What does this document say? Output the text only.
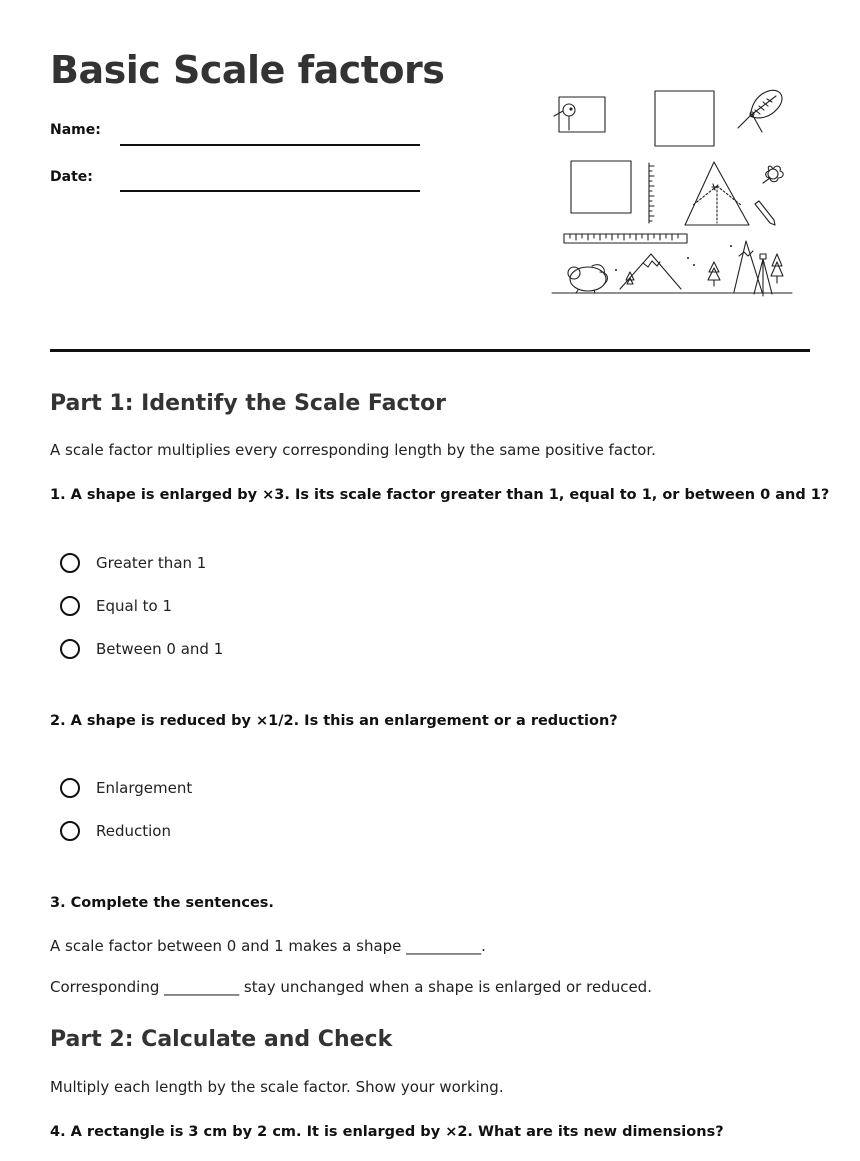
Basic Scale factors
Name:
Date:
Part 1: Identify the Scale Factor
A scale factor multiplies every corresponding length by the same positive factor.
1. A shape is enlarged by ×3. Is its scale factor greater than 1, equal to 1, or between 0 and 1?
Greater than 1
Equal to 1
Between 0 and 1
2. A shape is reduced by ×1/2. Is this an enlargement or a reduction?
Enlargement
Reduction
3. Complete the sentences.
A scale factor between 0 and 1 makes a shape __________.
Corresponding __________ stay unchanged when a shape is enlarged or reduced.
Part 2: Calculate and Check
Multiply each length by the scale factor. Show your working.
4. A rectangle is 3 cm by 2 cm. It is enlarged by ×2. What are its new dimensions?
